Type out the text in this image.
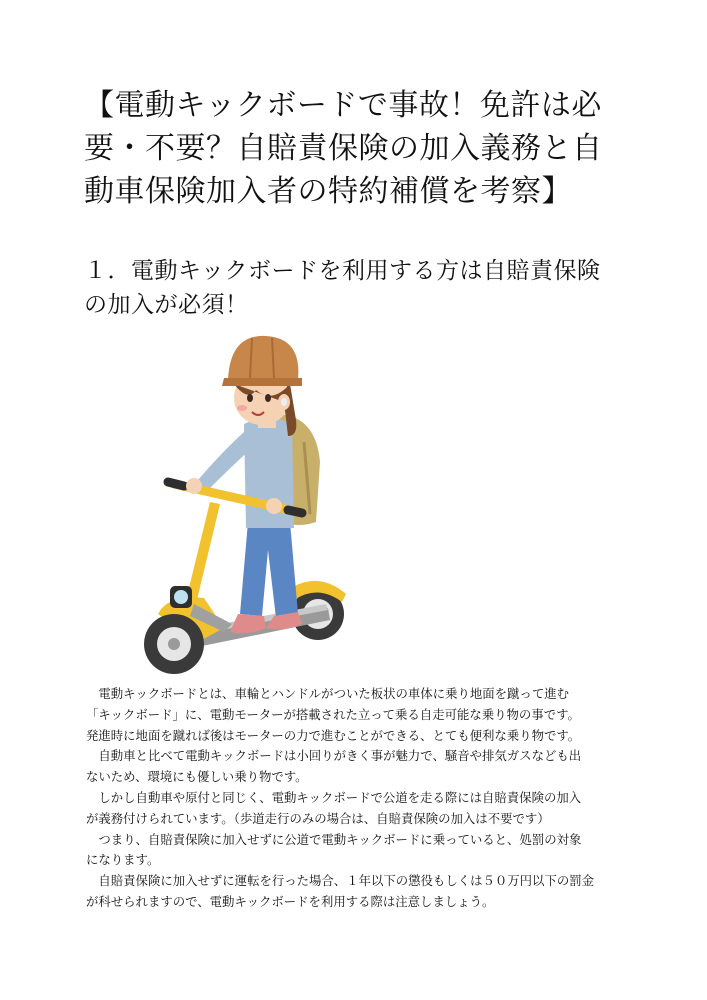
【電動キックボードで事故！免許は必
要・不要？自賠責保険の加入義務と自
動車保険加入者の特約補償を考察】
１．電動キックボードを利用する方は自賠責保険
の加入が必須！

　電動キックボードとは、車輪とハンドルがついた板状の車体に乗り地面を蹴って進む

「キックボード」に、電動モーターが搭載された立って乗る自走可能な乗り物の事です。

発進時に地面を蹴れば後はモーターの力で進むことができる、とても便利な乗り物です。

　自動車と比べて電動キックボードは小回りがきく事が魅力で、騒音や排気ガスなども出

ないため、環境にも優しい乗り物です。

　しかし自動車や原付と同じく、電動キックボードで公道を走る際には自賠責保険の加入

が義務付けられています。（歩道走行のみの場合は、自賠責保険の加入は不要です）

　つまり、自賠責保険に加入せずに公道で電動キックボードに乗っていると、処罰の対象

になります。

　自賠責保険に加入せずに運転を行った場合、１年以下の懲役もしくは５０万円以下の罰金

が科せられますので、電動キックボードを利用する際は注意しましょう。
